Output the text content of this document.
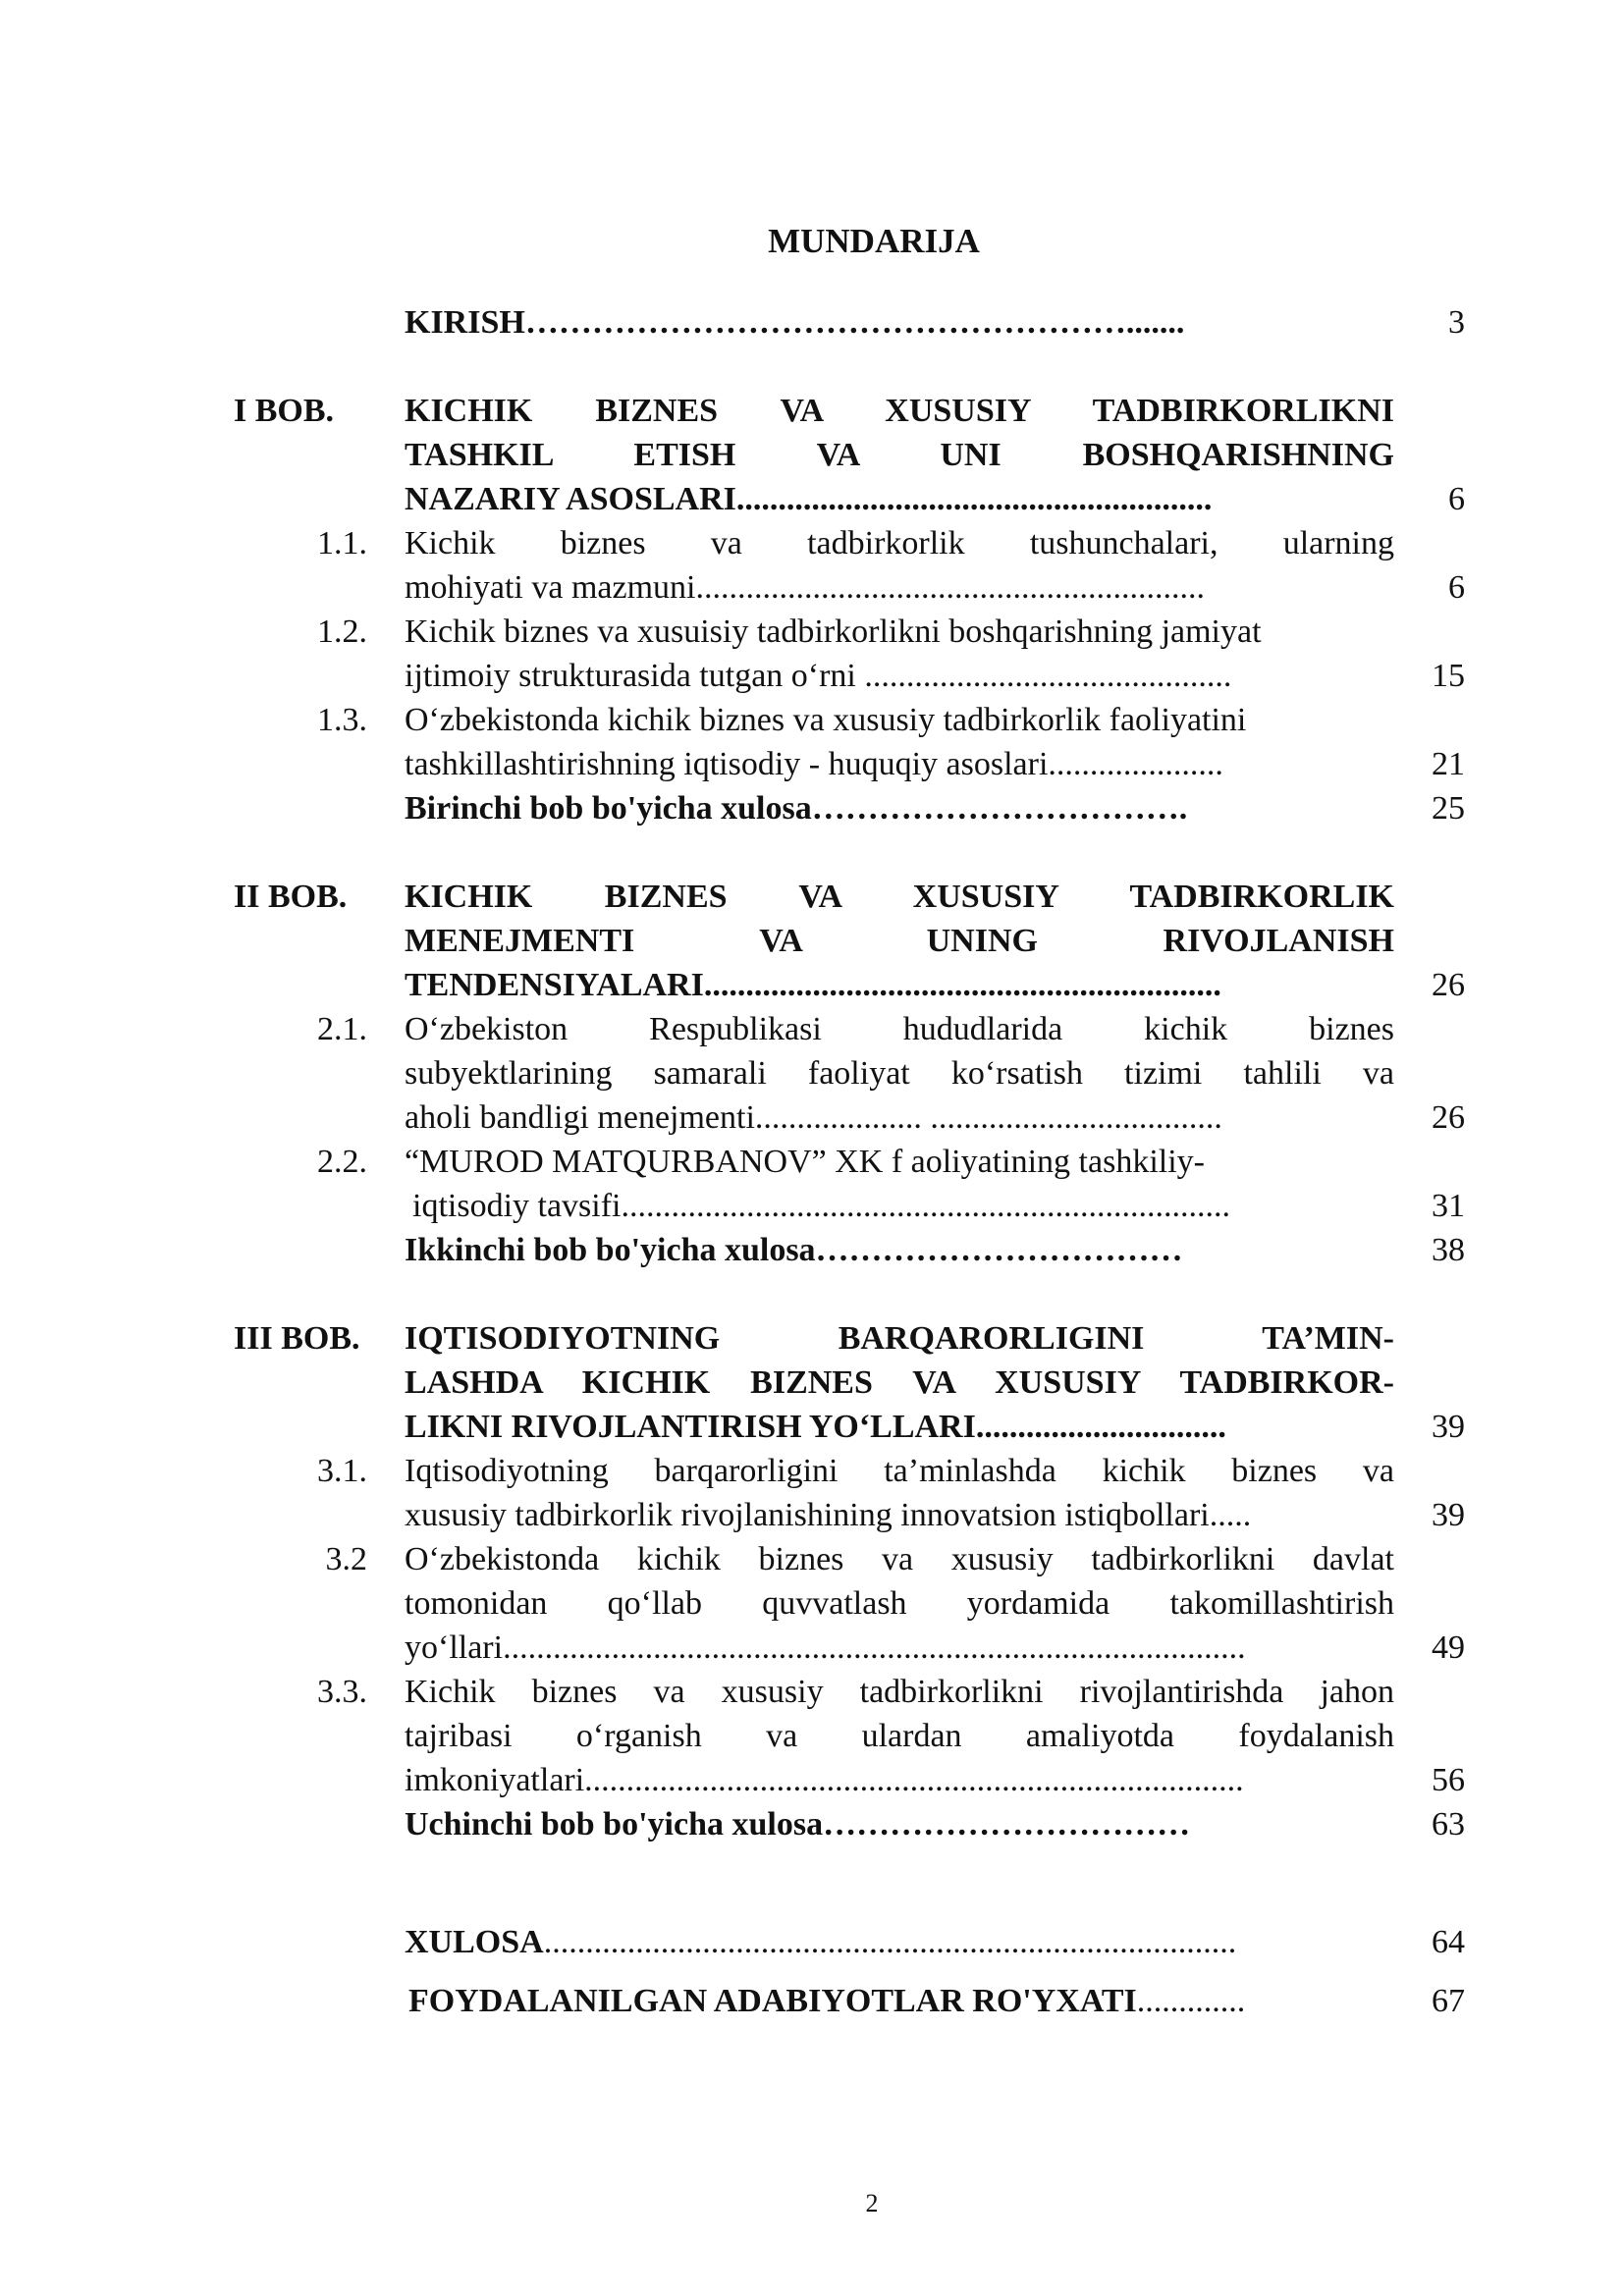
MUNDARIJA
KIRISH……………………………………………….......	3
I BOB.	KICHIK BIZNES VA XUSUSIY TADBIRKORLIKNI
TASHKIL ETISH VA UNI BOSHQARISHNING
NAZARIY ASOSLARI.........................................................	6
1.1. Kichik biznes va tadbirkorlik tushunchalari, ularning
mohiyati va mazmuni.............................................................	6
1.2. Kichik biznes va xusuisiy tadbirkorlikni boshqarishning jamiyat
ijtimoiy strukturasida tutgan o‘rni ............................................	15
1.3. O‘zbekistonda kichik biznes va xususiy tadbirkorlik faoliyatini
tashkillashtirishning iqtisodiy - huquqiy asoslari.....................	21
Birinchi bob bo'yicha xulosa…………………………….	25
II BOB.	KICHIK BIZNES VA XUSUSIY TADBIRKORLIK
MENEJMENTI VA UNING RIVOJLANISH
TENDENSIYALARI..............................................................	26
2.1. O‘zbekiston Respublikasi hududlarida kichik biznes
subyektlarining samarali faoliyat ko‘rsatish tizimi tahlili va
aholi bandligi menejmenti.................... ...................................	26
2.2. “MUROD MATQURBANOV” XK f aoliyatining tashkiliy-
iqtisodiy tavsifi.........................................................................	31
Ikkinchi bob bo'yicha xulosa……………………………	38
III BOB.	IQTISODIYOTNING BARQARORLIGINI TA’MIN-
LASHDA KICHIK BIZNES VA XUSUSIY TADBIRKOR-
LIKNI RIVOJLANTIRISH YO‘LLARI..............................	39
3.1. Iqtisodiyotning barqarorligini ta’minlashda kichik biznes va
xususiy tadbirkorlik rivojlanishining innovatsion istiqbollari.....	39
3.2 O‘zbekistonda kichik biznes va xususiy tadbirkorlikni davlat
tomonidan qo‘llab quvvatlash yordamida takomillashtirish
yo‘llari.........................................................................................	49
3.3. Kichik biznes va xususiy tadbirkorlikni rivojlantirishda jahon
tajribasi o‘rganish va ulardan amaliyotda foydalanish
imkoniyatlari...............................................................................	56
Uchinchi bob bo'yicha xulosa……………………………	63
XULOSA...................................................................................	64
FOYDALANILGAN ADABIYOTLAR RO'YXATI.............	67
2
